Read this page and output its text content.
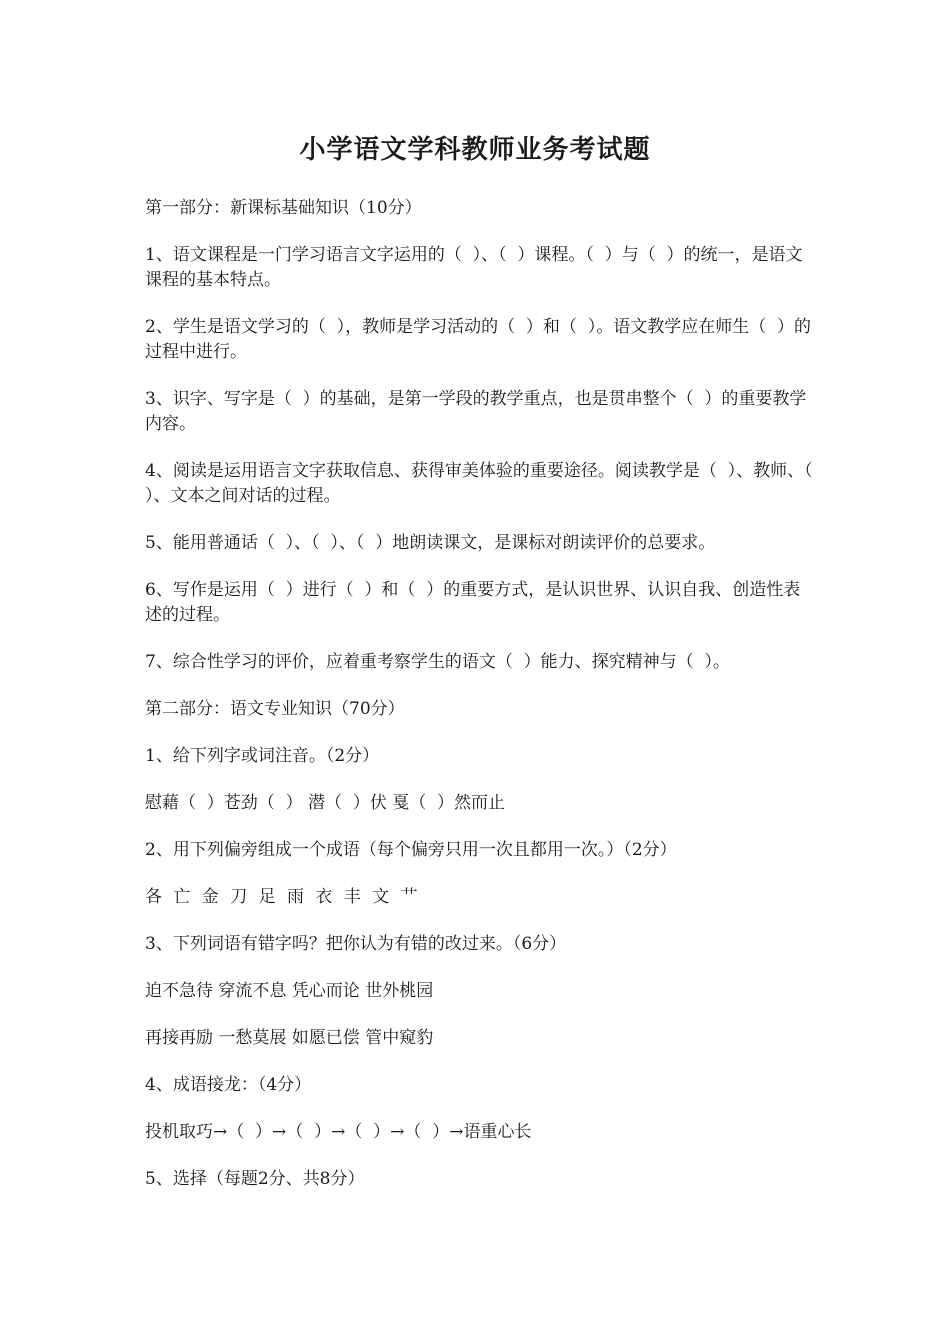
小学语文学科教师业务考试题

第一部分：新课标基础知识（10分）

1、语文课程是一门学习语言文字运用的（  ）、（  ）课程。（  ）与（  ）的统一，是语文课程的基本特点。

2、学生是语文学习的（  ），教师是学习活动的（  ）和（  ）。语文教学应在师生（  ）的过程中进行。

3、识字、写字是（  ）的基础，是第一学段的教学重点，也是贯串整个（  ）的重要教学内容。

4、阅读是运用语言文字获取信息、获得审美体验的重要途径。阅读教学是（  ）、教师、（  ）、文本之间对话的过程。

5、能用普通话（  ）、（  ）、（  ）地朗读课文，是课标对朗读评价的总要求。

6、写作是运用（  ）进行（  ）和（  ）的重要方式，是认识世界、认识自我、创造性表述的过程。

7、综合性学习的评价，应着重考察学生的语文（  ）能力、探究精神与（  ）。

第二部分：语文专业知识（70分）

1、给下列字或词注音。（2分）

慰藉（  ）苍劲（  ） 潜（  ）伏 戛（  ）然而止

2、用下列偏旁组成一个成语（每个偏旁只用一次且都用一次。）（2分）

各 亡 金 刀 足 雨 衣 丰 文 艹

3、下列词语有错字吗？把你认为有错的改过来。（6分）

迫不急待 穿流不息 凭心而论 世外桃园

再接再励 一愁莫展 如愿已偿 管中窥豹

4、成语接龙：（4分）

投机取巧→（  ）→（  ）→（  ）→（  ）→语重心长

5、选择（每题2分、共8分）
